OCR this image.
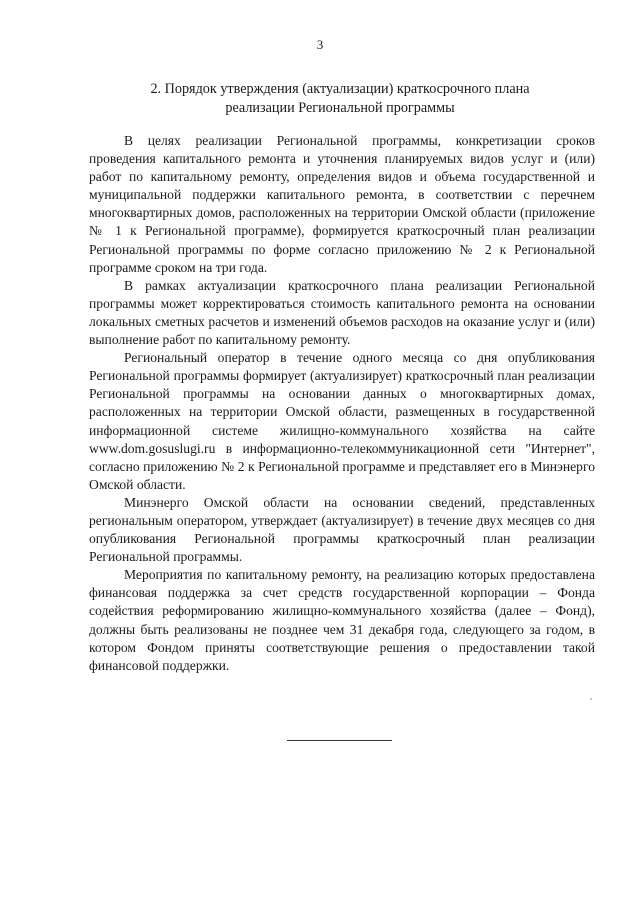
3
2. Порядок утверждения (актуализации) краткосрочного плана
реализации Региональной программы

В целях реализации Региональной программы, конкретизации сроков проведения капитального ремонта и уточнения планируемых видов услуг и (или) работ по капитальному ремонту, определения видов и объема государственной и муниципальной поддержки капитального ремонта, в соответствии с перечнем многоквартирных домов, расположенных на территории Омской области (приложение № 1 к Региональной программе), формируется краткосрочный план реализации Региональной программы по форме согласно приложению № 2 к Региональной программе сроком на три года.

В рамках актуализации краткосрочного плана реализации Региональной программы может корректироваться стоимость капитального ремонта на основании локальных сметных расчетов и изменений объемов расходов на оказание услуг и (или) выполнение работ по капитальному ремонту.

Региональный оператор в течение одного месяца со дня опубликования Региональной программы формирует (актуализирует) краткосрочный план реализации Региональной программы на основании данных о многоквартирных домах, расположенных на территории Омской области, размещенных в государственной информационной системе жилищно-коммунального хозяйства на сайте www.dom.gosuslugi.ru в информационно-телекоммуникационной сети "Интернет", согласно приложению № 2 к Региональной программе и представляет его в Минэнерго Омской области.

Минэнерго Омской области на основании сведений, представленных региональным оператором, утверждает (актуализирует) в течение двух месяцев со дня опубликования Региональной программы краткосрочный план реализации Региональной программы.

Мероприятия по капитальному ремонту, на реализацию которых предоставлена финансовая поддержка за счет средств государственной корпорации – Фонда содействия реформированию жилищно-коммунального хозяйства (далее – Фонд), должны быть реализованы не позднее чем 31 декабря года, следующего за годом, в котором Фондом приняты соответствующие решения о предоставлении такой финансовой поддержки.
